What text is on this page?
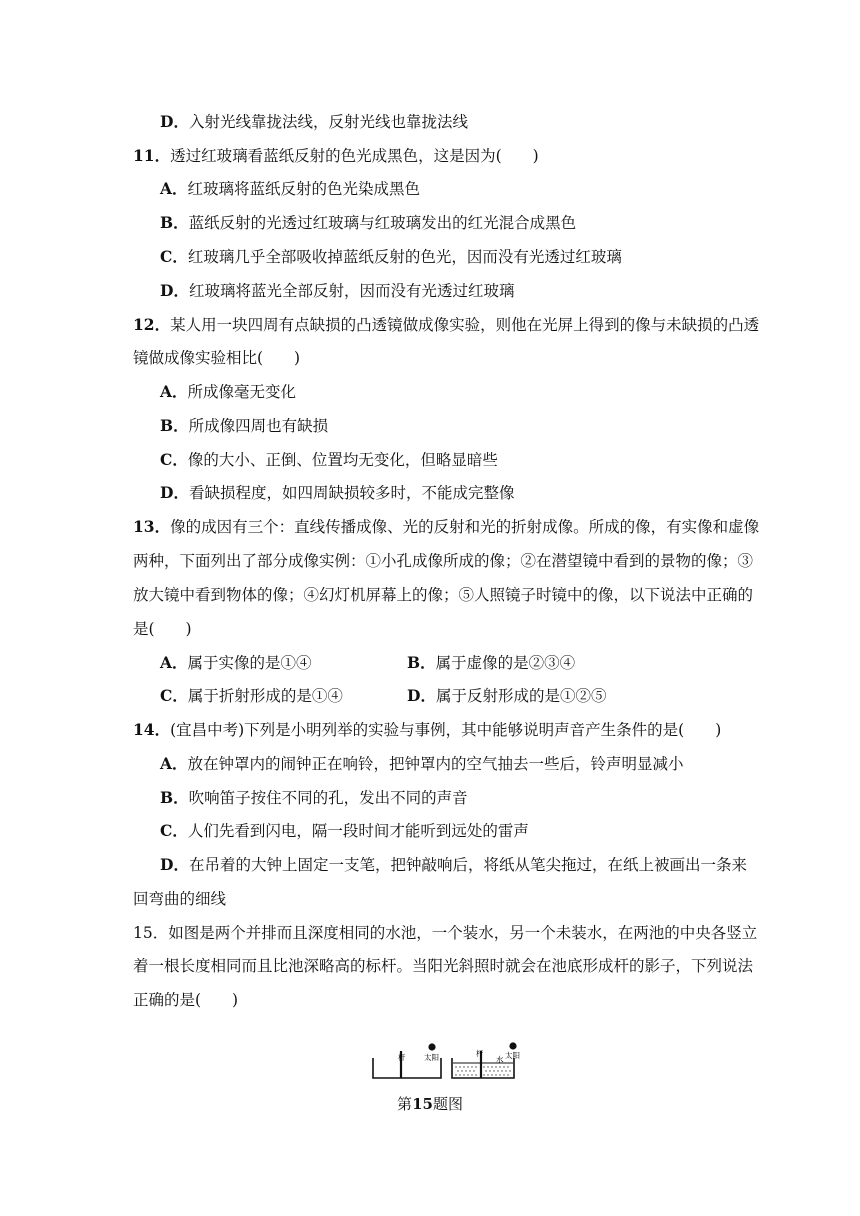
D．入射光线靠拢法线，反射光线也靠拢法线
11．透过红玻璃看蓝纸反射的色光成黑色，这是因为(　　)
A．红玻璃将蓝纸反射的色光染成黑色
B．蓝纸反射的光透过红玻璃与红玻璃发出的红光混合成黑色
C．红玻璃几乎全部吸收掉蓝纸反射的色光，因而没有光透过红玻璃
D．红玻璃将蓝光全部反射，因而没有光透过红玻璃
12．某人用一块四周有点缺损的凸透镜做成像实验，则他在光屏上得到的像与未缺损的凸透
镜做成像实验相比(　　)
A．所成像毫无变化
B．所成像四周也有缺损
C．像的大小、正倒、位置均无变化，但略显暗些
D．看缺损程度，如四周缺损较多时，不能成完整像
13．像的成因有三个：直线传播成像、光的反射和光的折射成像。所成的像，有实像和虚像
两种，下面列出了部分成像实例：①小孔成像所成的像；②在潜望镜中看到的景物的像；③
放大镜中看到物体的像；④幻灯机屏幕上的像；⑤人照镜子时镜中的像，以下说法中正确的
是(　　)
A．属于实像的是①④	B．属于虚像的是②③④
C．属于折射形成的是①④	D．属于反射形成的是①②⑤
14．(宜昌中考)下列是小明列举的实验与事例，其中能够说明声音产生条件的是(　　)
A．放在钟罩内的闹钟正在响铃，把钟罩内的空气抽去一些后，铃声明显减小
B．吹响笛子按住不同的孔，发出不同的声音
C．人们先看到闪电，隔一段时间才能听到远处的雷声
D．在吊着的大钟上固定一支笔，把钟敲响后，将纸从笔尖拖过，在纸上被画出一条来
回弯曲的细线
15．如图是两个并排而且深度相同的水池，一个装水，另一个未装水，在两池的中央各竖立
着一根长度相同而且比池深略高的标杆。当阳光斜照时就会在池底形成杆的影子，下列说法
正确的是(　　)
杆 太阳	杆	太阳
水
第15题图
